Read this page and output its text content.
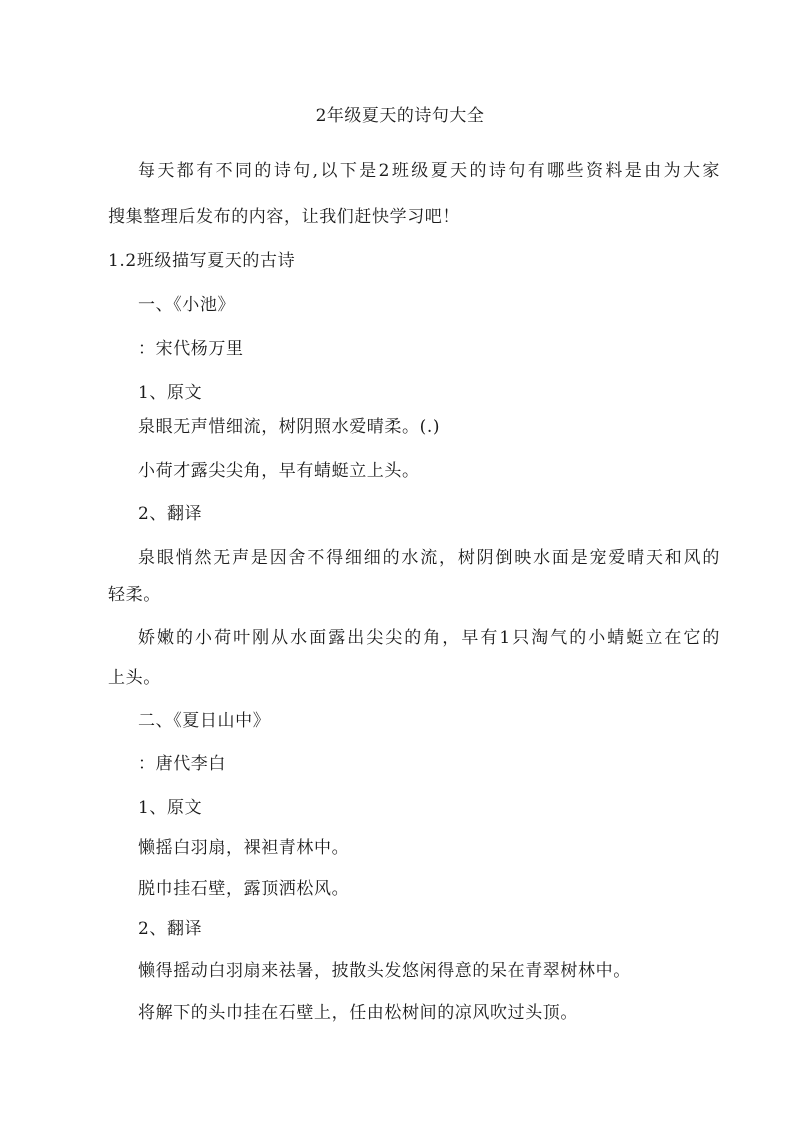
2年级夏天的诗句大全
每天都有不同的诗句,以下是2班级夏天的诗句有哪些资料是由为大家
搜集整理后发布的内容，让我们赶快学习吧！
1.2班级描写夏天的古诗
一、《小池》
：宋代杨万里
1、原文
泉眼无声惜细流，树阴照水爱晴柔。(.)
小荷才露尖尖角，早有蜻蜓立上头。
2、翻译
泉眼悄然无声是因舍不得细细的水流，树阴倒映水面是宠爱晴天和风的
轻柔。
娇嫩的小荷叶刚从水面露出尖尖的角，早有1只淘气的小蜻蜓立在它的
上头。
二、《夏日山中》
：唐代李白
1、原文
懒摇白羽扇，裸袒青林中。
脱巾挂石壁，露顶洒松风。
2、翻译
懒得摇动白羽扇来祛暑，披散头发悠闲得意的呆在青翠树林中。
将解下的头巾挂在石壁上，任由松树间的凉风吹过头顶。
